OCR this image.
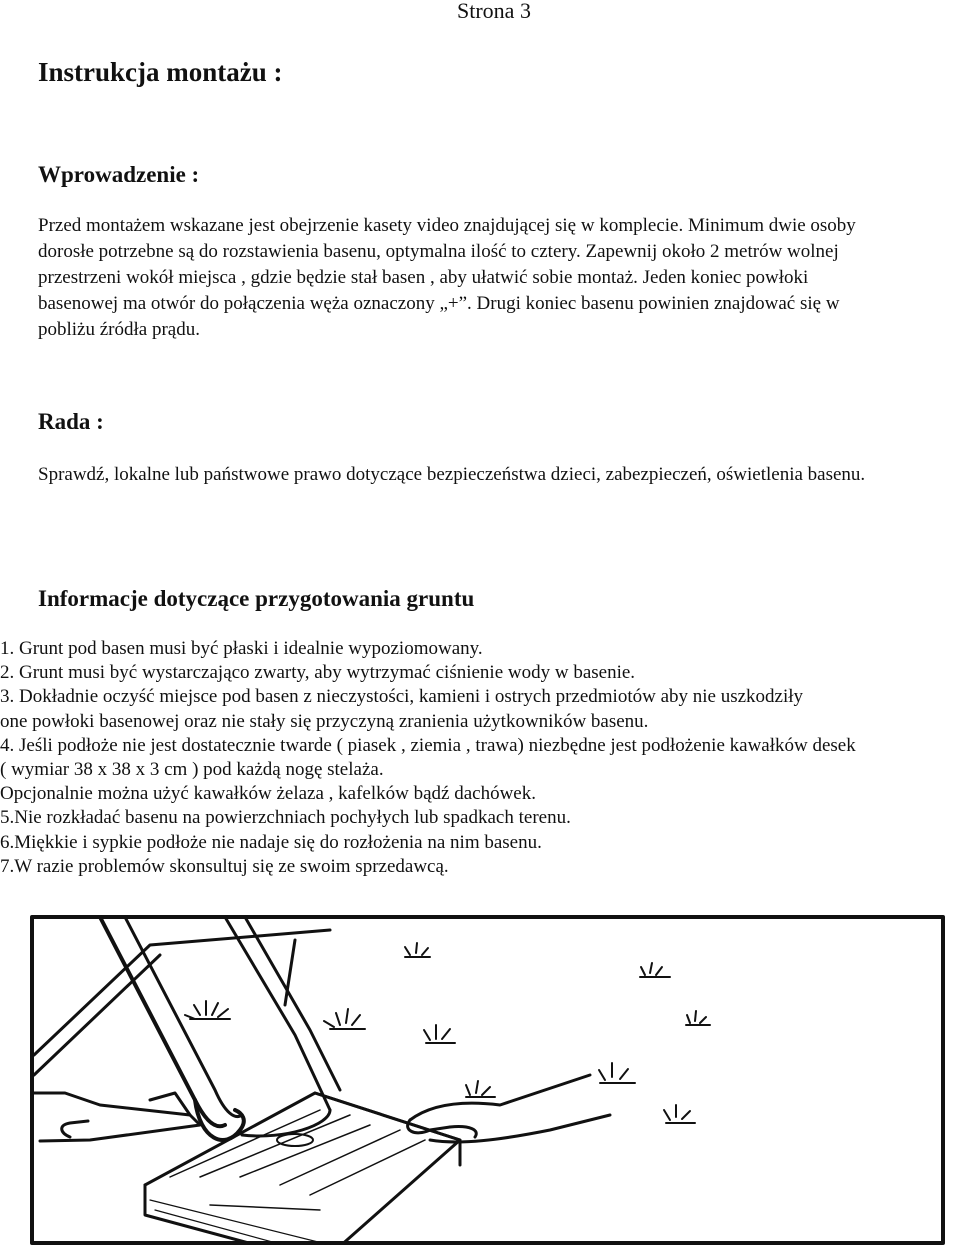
Strona 3
Instrukcja montażu :
Wprowadzenie :
Przed montażem wskazane jest obejrzenie kasety video znajdującej się w komplecie. Minimum dwie osoby
dorosłe potrzebne są do rozstawienia basenu, optymalna ilość to cztery. Zapewnij około 2 metrów wolnej
przestrzeni wokół miejsca , gdzie będzie stał basen , aby ułatwić sobie montaż. Jeden koniec powłoki
basenowej ma otwór do połączenia węża oznaczony „+”. Drugi koniec basenu powinien znajdować się w
pobliżu źródła prądu.
Rada :
Sprawdź, lokalne lub państwowe prawo dotyczące bezpieczeństwa dzieci, zabezpieczeń, oświetlenia basenu.
Informacje dotyczące przygotowania gruntu
1. Grunt pod basen musi być płaski i idealnie wypoziomowany.
2. Grunt musi być wystarczająco zwarty, aby wytrzymać ciśnienie wody w basenie.
3. Dokładnie oczyść miejsce pod basen z nieczystości, kamieni i ostrych przedmiotów aby nie uszkodziły
one powłoki basenowej oraz nie stały się przyczyną zranienia użytkowników basenu.
4. Jeśli podłoże nie jest dostatecznie twarde ( piasek , ziemia , trawa) niezbędne jest podłożenie kawałków desek
( wymiar 38 x 38 x 3 cm ) pod każdą nogę stelaża.
Opcjonalnie można użyć kawałków żelaza , kafelków bądź dachówek.
5.Nie rozkładać basenu na powierzchniach pochyłych lub spadkach terenu.
6.Miękkie i sypkie podłoże nie nadaje się do rozłożenia na nim basenu.
7.W razie problemów skonsultuj się ze swoim sprzedawcą.
